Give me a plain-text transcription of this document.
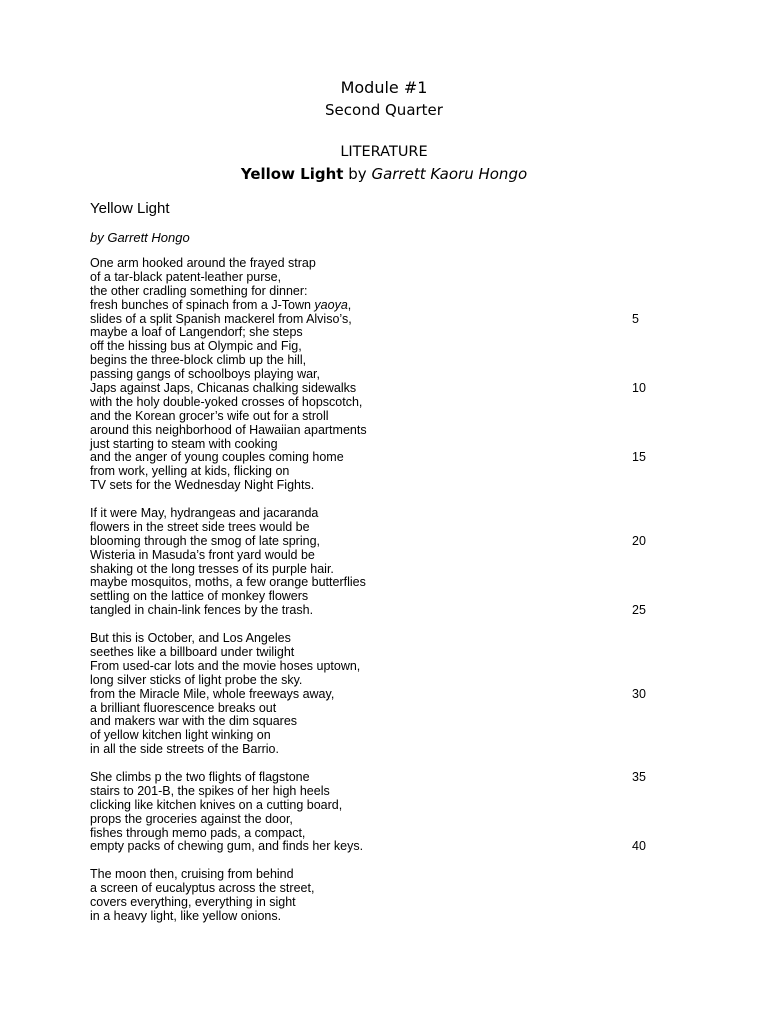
Module #1
Second Quarter
LITERATURE
Yellow Light by Garrett Kaoru Hongo
Yellow Light
by Garrett Hongo
One arm hooked around the frayed strap
of a tar-black patent-leather purse,
the other cradling something for dinner:
fresh bunches of spinach from a J-Town yaoya,
slides of a split Spanish mackerel from Alviso’s,	5
maybe a loaf of Langendorf; she steps
off the hissing bus at Olympic and Fig,
begins the three-block climb up the hill,
passing gangs of schoolboys playing war,
Japs against Japs, Chicanas chalking sidewalks	10
with the holy double-yoked crosses of hopscotch,
and the Korean grocer’s wife out for a stroll
around this neighborhood of Hawaiian apartments
just starting to steam with cooking
and the anger of young couples coming home	15
from work, yelling at kids, flicking on
TV sets for the Wednesday Night Fights.
If it were May, hydrangeas and jacaranda
flowers in the street side trees would be
blooming through the smog of late spring,	20
Wisteria in Masuda’s front yard would be
shaking ot the long tresses of its purple hair.
maybe mosquitos, moths, a few orange butterflies
settling on the lattice of monkey flowers
tangled in chain-link fences by the trash.	25
But this is October, and Los Angeles
seethes like a billboard under twilight
From used-car lots and the movie hoses uptown,
long silver sticks of light probe the sky.
from the Miracle Mile, whole freeways away,	30
a brilliant fluorescence breaks out
and makers war with the dim squares
of yellow kitchen light winking on
in all the side streets of the Barrio.
She climbs p the two flights of flagstone	35
stairs to 201-B, the spikes of her high heels
clicking like kitchen knives on a cutting board,
props the groceries against the door,
fishes through memo pads, a compact,
empty packs of chewing gum, and finds her keys.	40
The moon then, cruising from behind
a screen of eucalyptus across the street,
covers everything, everything in sight
in a heavy light, like yellow onions.
